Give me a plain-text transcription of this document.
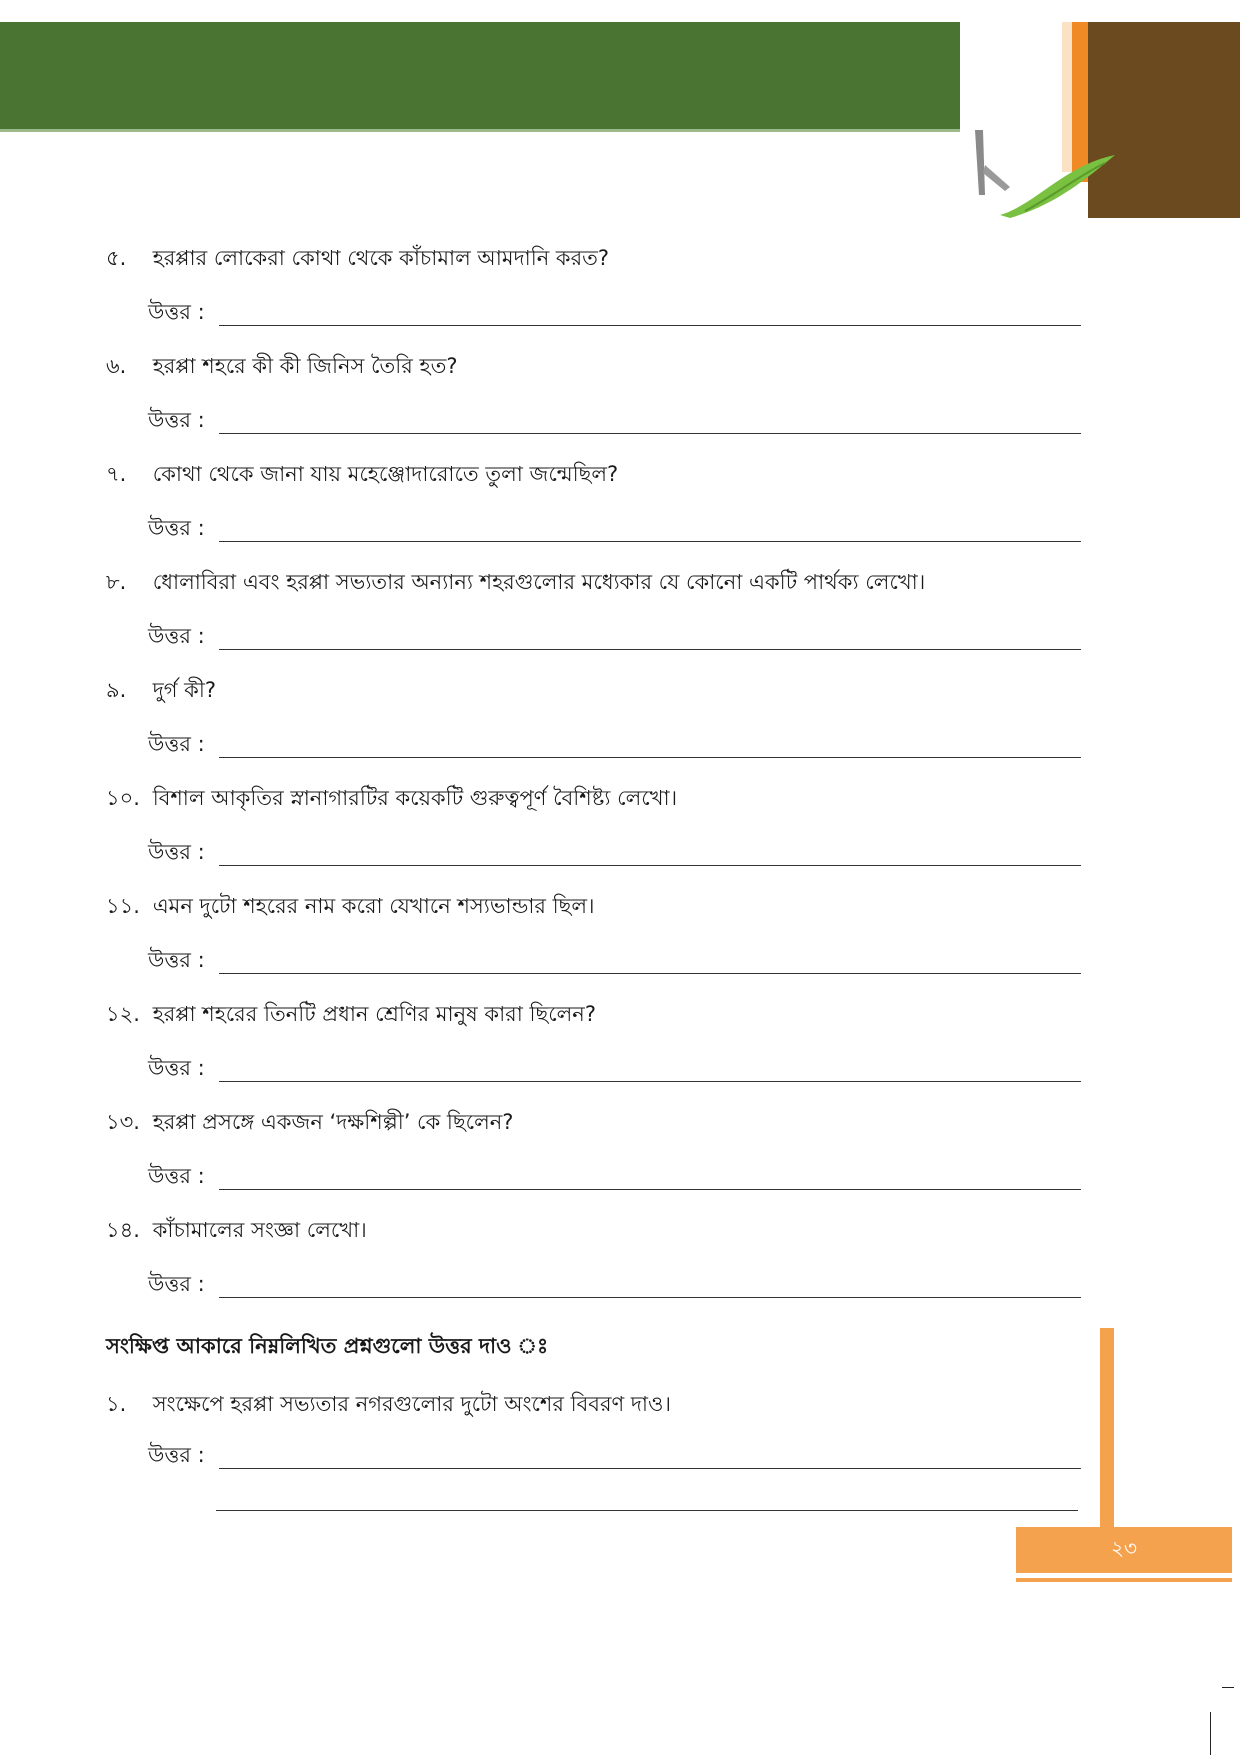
৫. হরপ্পার লোকেরা কোথা থেকে কাঁচামাল আমদানি করত?
উত্তর :
৬. হরপ্পা শহরে কী কী জিনিস তৈরি হত?
উত্তর :
৭. কোথা থেকে জানা যায় মহেঞ্জোদারোতে তুলা জন্মেছিল?
উত্তর :
৮. ধোলাবিরা এবং হরপ্পা সভ্যতার অন্যান্য শহরগুলোর মধ্যেকার যে কোনো একটি পার্থক্য লেখো।
উত্তর :
৯. দুর্গ কী?
উত্তর :
১০. বিশাল আকৃতির স্নানাগারটির কয়েকটি গুরুত্বপূর্ণ বৈশিষ্ট্য লেখো।
উত্তর :
১১. এমন দুটো শহরের নাম করো যেখানে শস্যভান্ডার ছিল।
উত্তর :
১২. হরপ্পা শহরের তিনটি প্রধান শ্রেণির মানুষ কারা ছিলেন?
উত্তর :
১৩. হরপ্পা প্রসঙ্গে একজন ‘দক্ষশিল্পী’ কে ছিলেন?
উত্তর :
১৪. কাঁচামালের সংজ্ঞা লেখো।
উত্তর :
সংক্ষিপ্ত আকারে নিম্নলিখিত প্রশ্নগুলো উত্তর দাও ঃ
১. সংক্ষেপে হরপ্পা সভ্যতার নগরগুলোর দুটো অংশের বিবরণ দাও।
উত্তর :
২৩
